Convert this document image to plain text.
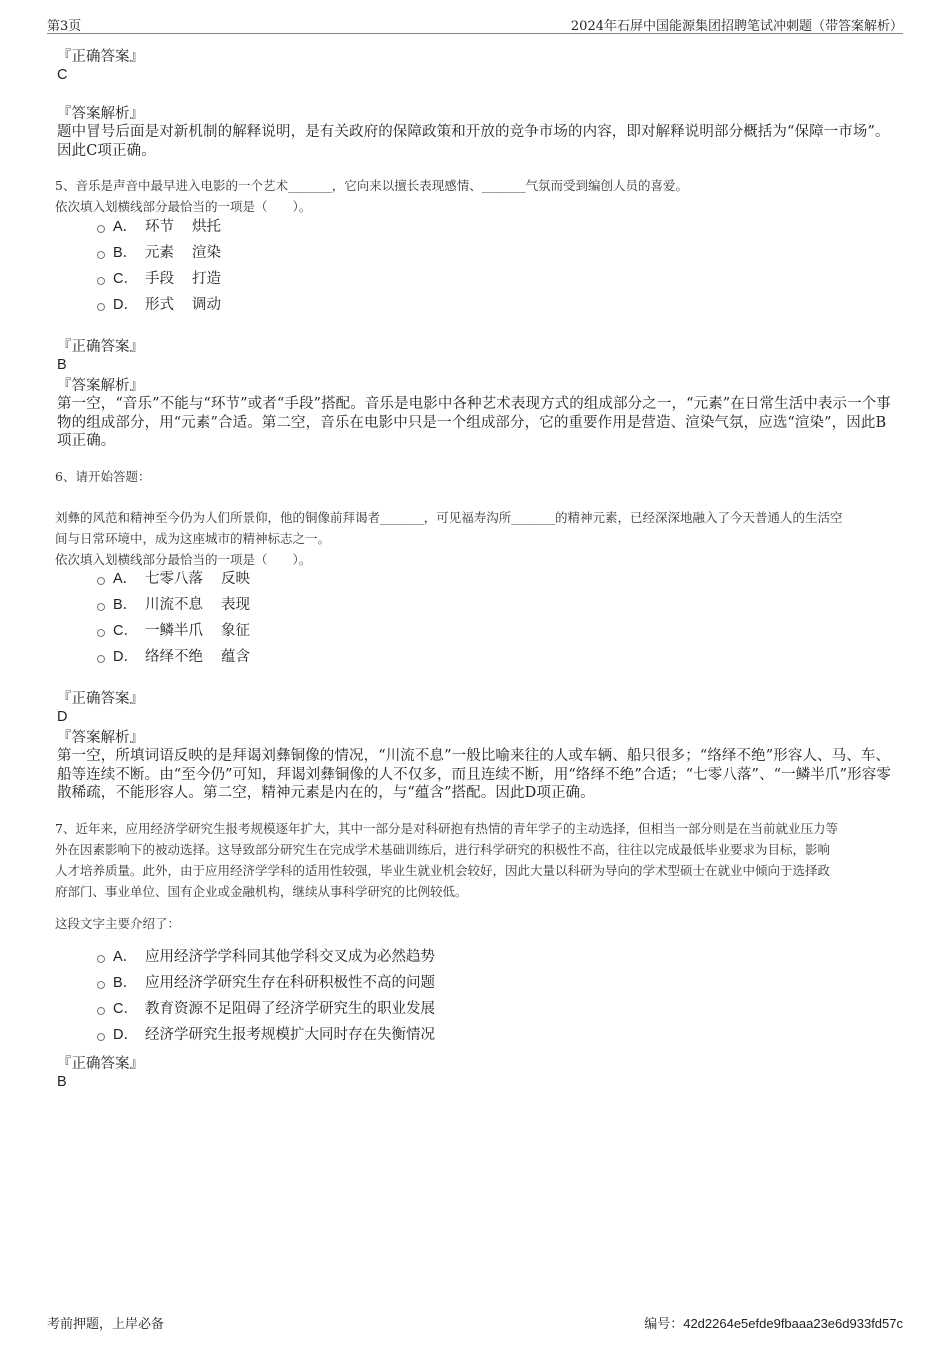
第3页	2024年石屏中国能源集团招聘笔试冲刺题（带答案解析）
『正确答案』
C
『答案解析』
题中冒号后面是对新机制的解释说明，是有关政府的保障政策和开放的竞争市场的内容，即对解释说明部分概括为“保障一市场”。因此C项正确。
5、音乐是声音中最早进入电影的一个艺术_______，它向来以擅长表现感情、_______气氛而受到编创人员的喜爱。
依次填入划横线部分最恰当的一项是（　　）。
A． 环节 烘托
B． 元素 渲染
C． 手段 打造
D． 形式 调动
『正确答案』
B
『答案解析』
第一空，“音乐”不能与“环节”或者“手段”搭配。音乐是电影中各种艺术表现方式的组成部分之一，“元素”在日常生活中表示一个事物的组成部分，用“元素”合适。第二空，音乐在电影中只是一个组成部分，它的重要作用是营造、渲染气氛，应选“渲染”，因此B项正确。
6、请开始答题：
刘彝的风范和精神至今仍为人们所景仰，他的铜像前拜谒者_______，可见福寿沟所_______的精神元素，已经深深地融入了今天普通人的生活空
间与日常环境中，成为这座城市的精神标志之一。
依次填入划横线部分最恰当的一项是（　　）。
A． 七零八落 反映
B． 川流不息 表现
C． 一鳞半爪 象征
D． 络绎不绝 蕴含
『正确答案』
D
『答案解析』
第一空，所填词语反映的是拜谒刘彝铜像的情况，“川流不息”一般比喻来往的人或车辆、船只很多；“络绎不绝”形容人、马、车、船等连续不断。由“至今仍”可知，拜谒刘彝铜像的人不仅多，而且连续不断，用“络绎不绝”合适；“七零八落”、“一鳞半爪”形容零散稀疏，不能形容人。第二空，精神元素是内在的，与“蕴含”搭配。因此D项正确。
7、近年来，应用经济学研究生报考规模逐年扩大，其中一部分是对科研抱有热情的青年学子的主动选择，但相当一部分则是在当前就业压力等
外在因素影响下的被动选择。这导致部分研究生在完成学术基础训练后，进行科学研究的积极性不高，往往以完成最低毕业要求为目标，影响
人才培养质量。此外，由于应用经济学学科的适用性较强，毕业生就业机会较好，因此大量以科研为导向的学术型硕士在就业中倾向于选择政
府部门、事业单位、国有企业或金融机构，继续从事科学研究的比例较低。
这段文字主要介绍了：
A． 应用经济学学科同其他学科交叉成为必然趋势
B． 应用经济学研究生存在科研积极性不高的问题
C． 教育资源不足阻碍了经济学研究生的职业发展
D． 经济学研究生报考规模扩大同时存在失衡情况
『正确答案』
B
考前押题，上岸必备	编号：42d2264e5efde9fbaaa23e6d933fd57c
